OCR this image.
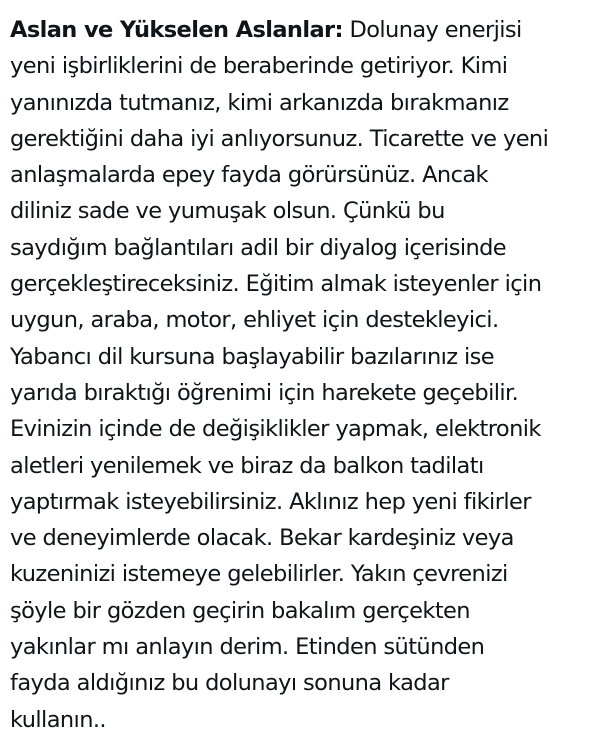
Aslan ve Yükselen Aslanlar: Dolunay enerjisi
yeni işbirliklerini de beraberinde getiriyor. Kimi
yanınızda tutmanız, kimi arkanızda bırakmanız
gerektiğini daha iyi anlıyorsunuz. Ticarette ve yeni
anlaşmalarda epey fayda görürsünüz. Ancak
diliniz sade ve yumuşak olsun. Çünkü bu
saydığım bağlantıları adil bir diyalog içerisinde
gerçekleştireceksiniz. Eğitim almak isteyenler için
uygun, araba, motor, ehliyet için destekleyici.
Yabancı dil kursuna başlayabilir bazılarınız ise
yarıda bıraktığı öğrenimi için harekete geçebilir.
Evinizin içinde de değişiklikler yapmak, elektronik
aletleri yenilemek ve biraz da balkon tadilatı
yaptırmak isteyebilirsiniz. Aklınız hep yeni fikirler
ve deneyimlerde olacak. Bekar kardeşiniz veya
kuzeninizi istemeye gelebilirler. Yakın çevrenizi
şöyle bir gözden geçirin bakalım gerçekten
yakınlar mı anlayın derim. Etinden sütünden
fayda aldığınız bu dolunayı sonuna kadar
kullanın..
